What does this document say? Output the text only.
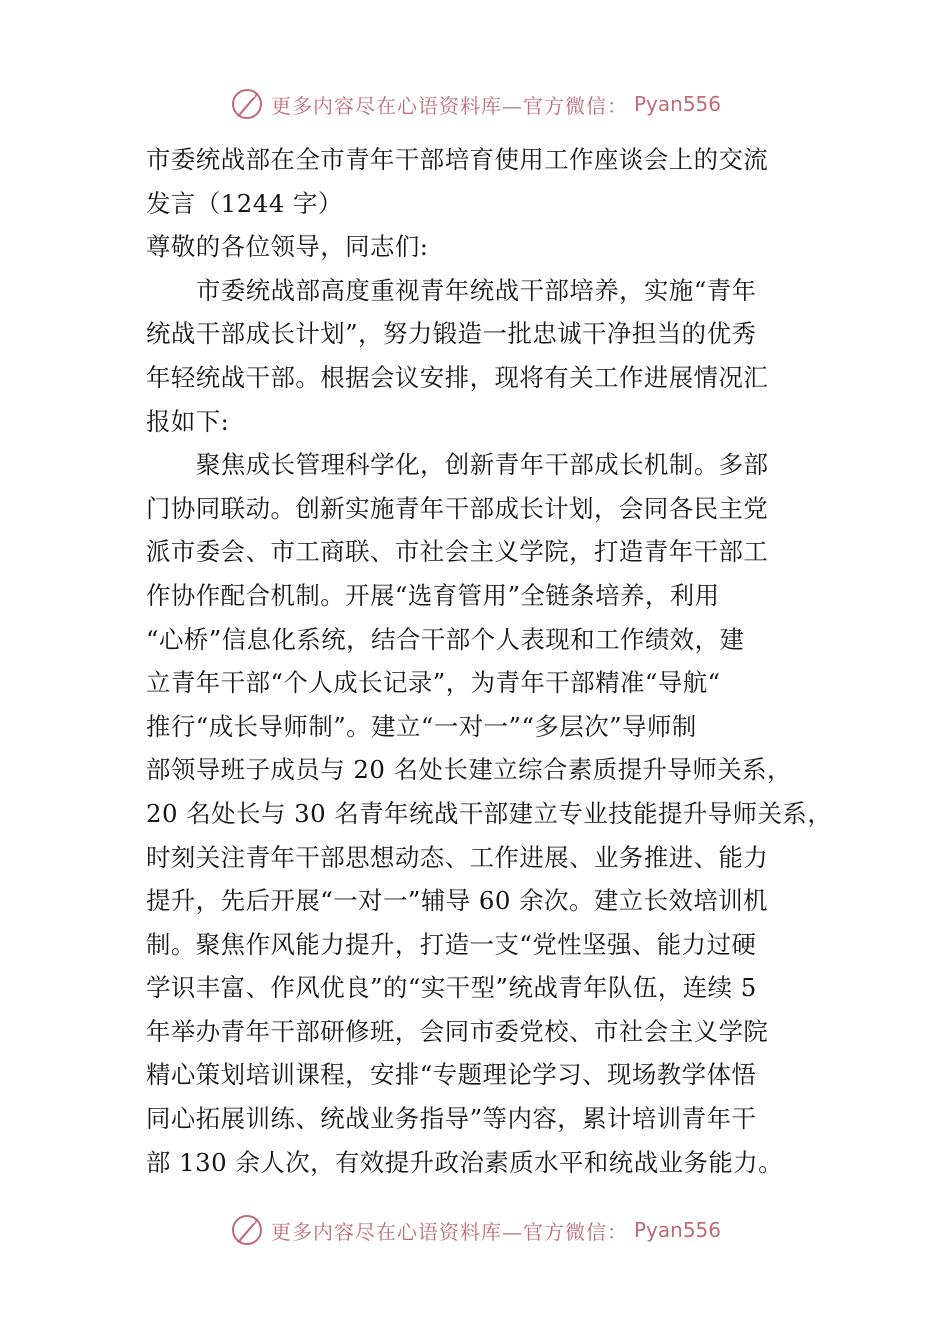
更多内容尽在心语资料库—官方微信： Pyan556
市委统战部在全市青年干部培育使用工作座谈会上的交流
发言（1244 字）
尊敬的各位领导，同志们:
市委统战部高度重视青年统战干部培养，实施“青年
统战干部成长计划”，努力锻造一批忠诚干净担当的优秀
年轻统战干部。根据会议安排，现将有关工作进展情况汇
报如下:
聚焦成长管理科学化，创新青年干部成长机制。多部
门协同联动。创新实施青年干部成长计划，会同各民主党
派市委会、市工商联、市社会主义学院，打造青年干部工
作协作配合机制。开展“选育管用”全链条培养，利用
“心桥”信息化系统，结合干部个人表现和工作绩效，建
立青年干部“个人成长记录”，为青年干部精准“导航“
推行“成长导师制”。建立“一对一”“多层次”导师制
部领导班子成员与 20 名处长建立综合素质提升导师关系，
20 名处长与 30 名青年统战干部建立专业技能提升导师关系，
时刻关注青年干部思想动态、工作进展、业务推进、能力
提升，先后开展“一对一”辅导 60 余次。建立长效培训机
制。聚焦作风能力提升，打造一支“党性坚强、能力过硬
学识丰富、作风优良”的“实干型”统战青年队伍，连续 5
年举办青年干部研修班，会同市委党校、市社会主义学院
精心策划培训课程，安排“专题理论学习、现场教学体悟
同心拓展训练、统战业务指导”等内容，累计培训青年干
部 130 余人次，有效提升政治素质水平和统战业务能力。
更多内容尽在心语资料库—官方微信： Pyan556
